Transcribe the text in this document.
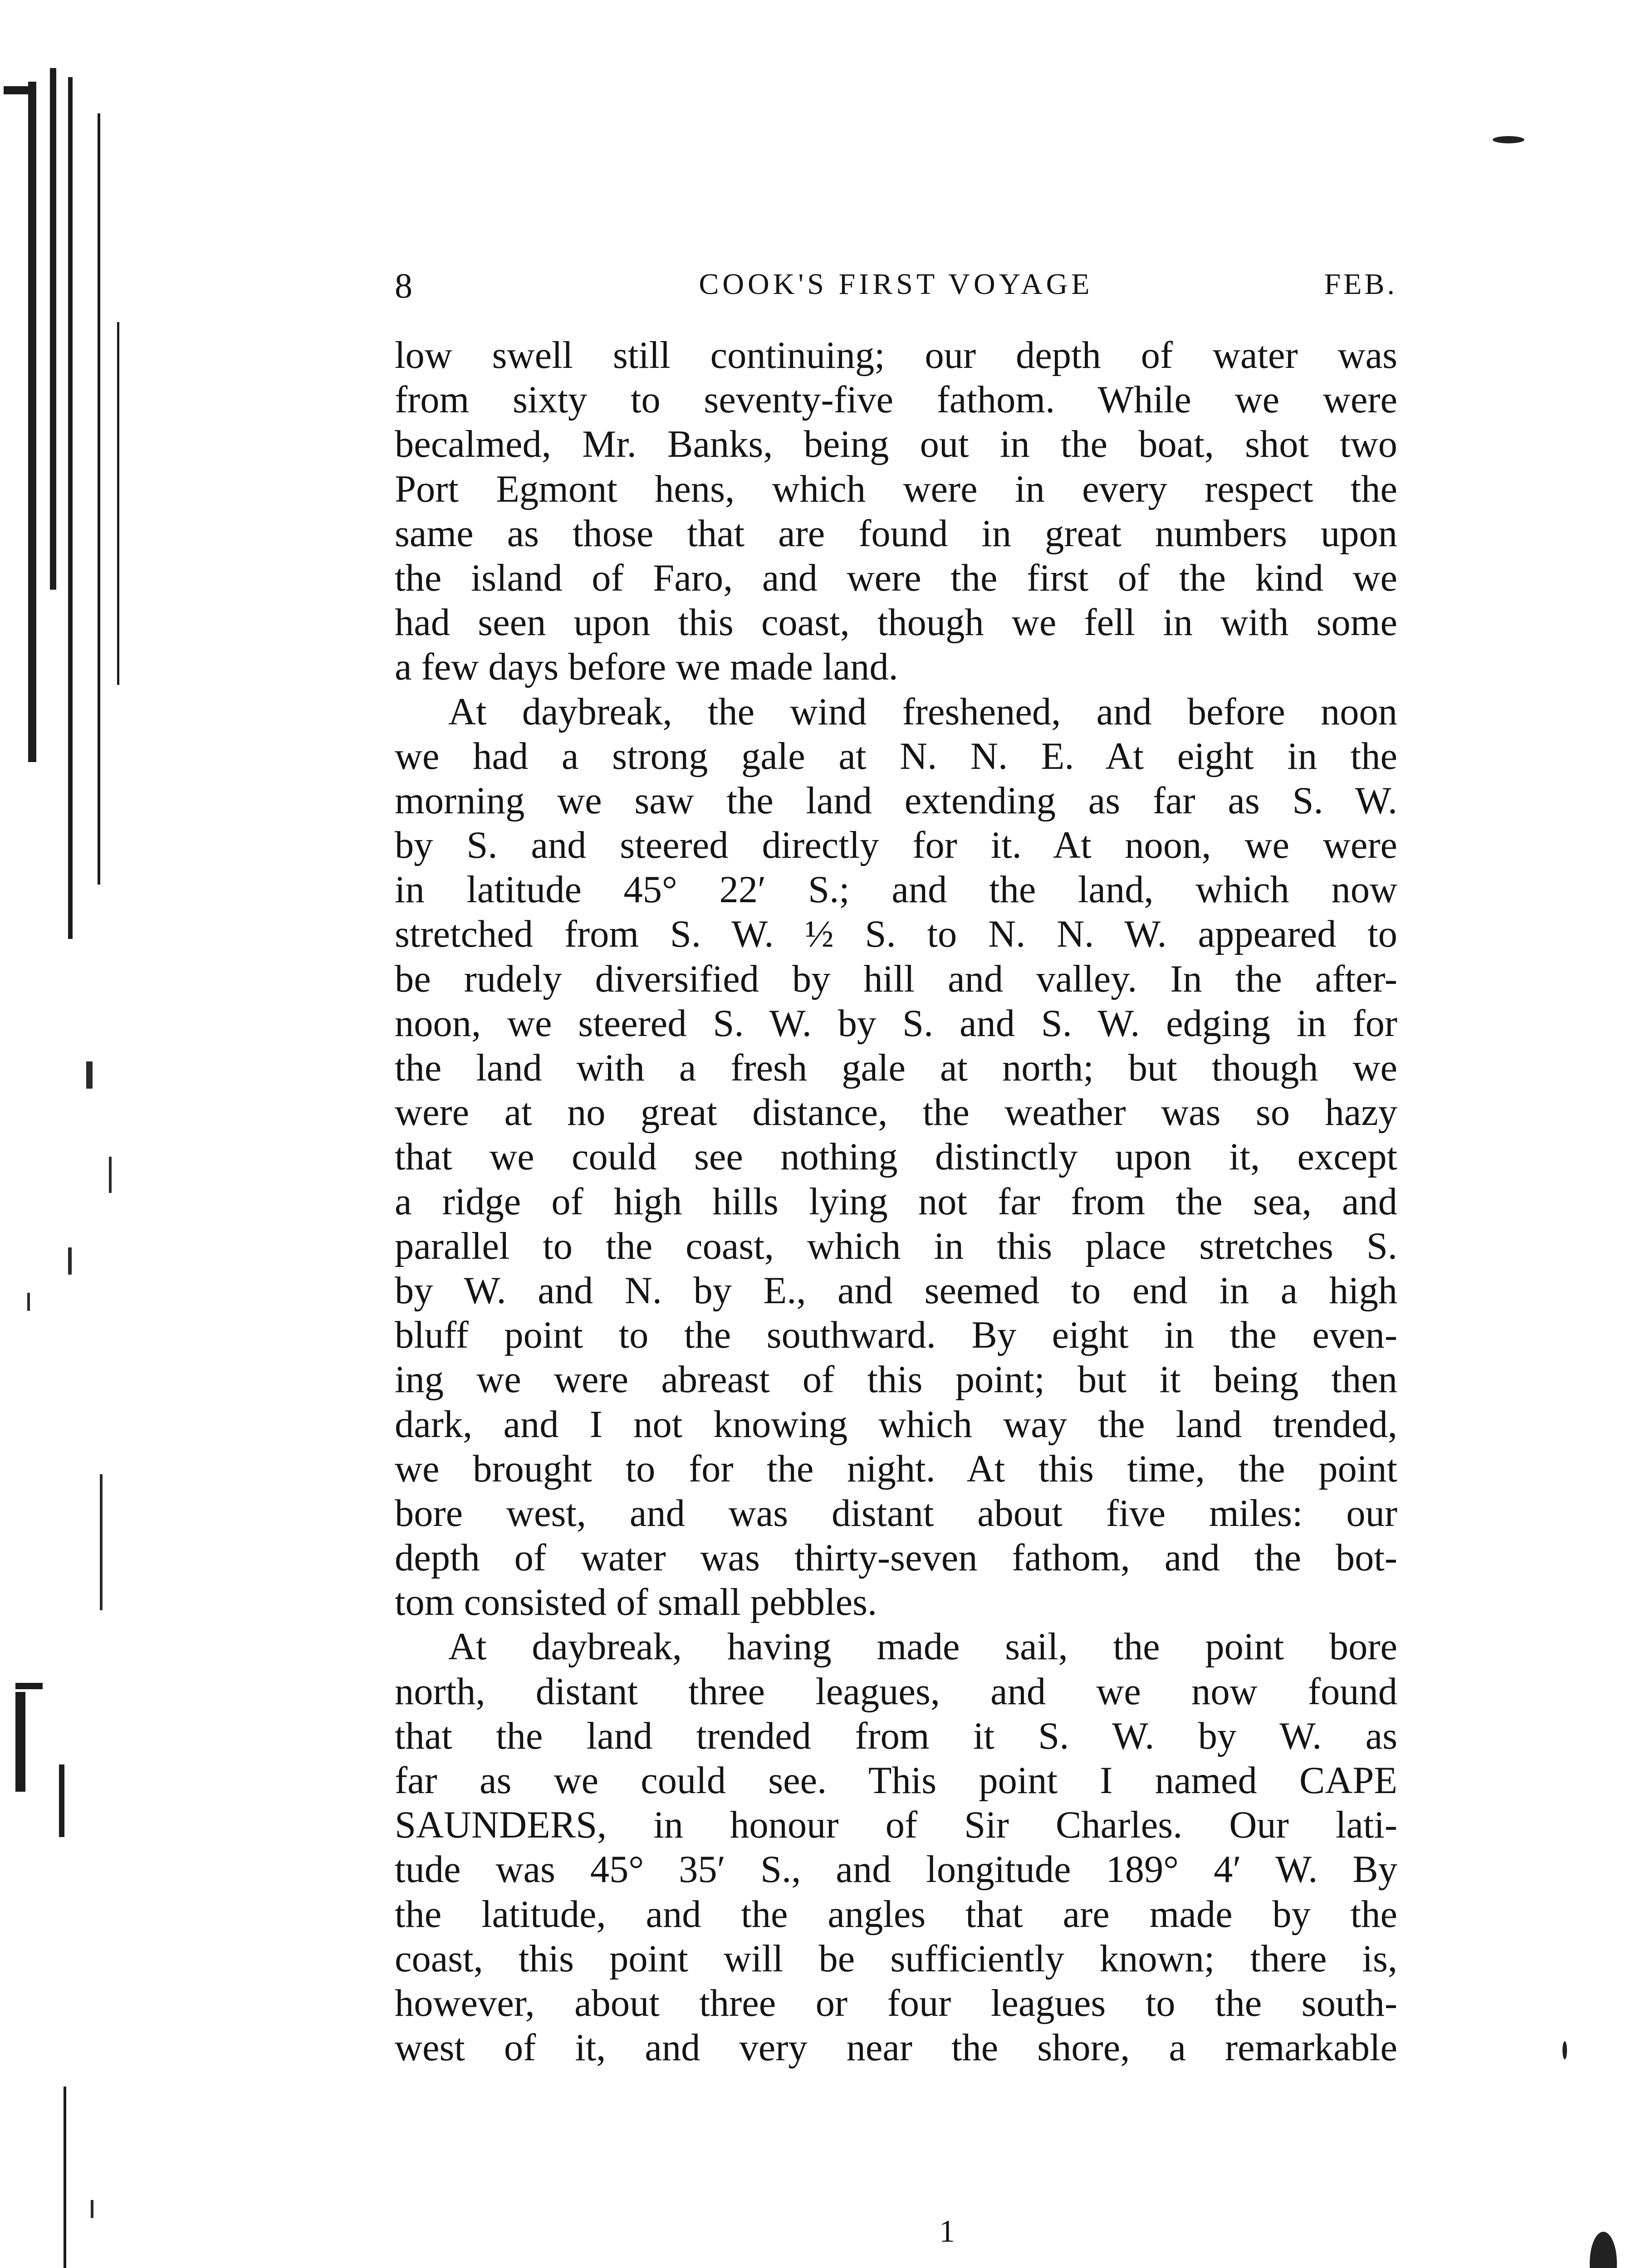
8	COOK'S FIRST VOYAGE	FEB.
low swell still continuing; our depth of water was
from sixty to seventy-five fathom. While we were
becalmed, Mr. Banks, being out in the boat, shot two
Port Egmont hens, which were in every respect the
same as those that are found in great numbers upon
the island of Faro, and were the first of the kind we
had seen upon this coast, though we fell in with some
a few days before we made land.
At daybreak, the wind freshened, and before noon
we had a strong gale at N. N. E. At eight in the
morning we saw the land extending as far as S. W.
by S. and steered directly for it. At noon, we were
in latitude 45° 22′ S.; and the land, which now
stretched from S. W. ½ S. to N. N. W. appeared to
be rudely diversified by hill and valley. In the after-
noon, we steered S. W. by S. and S. W. edging in for
the land with a fresh gale at north; but though we
were at no great distance, the weather was so hazy
that we could see nothing distinctly upon it, except
a ridge of high hills lying not far from the sea, and
parallel to the coast, which in this place stretches S.
by W. and N. by E., and seemed to end in a high
bluff point to the southward. By eight in the even-
ing we were abreast of this point; but it being then
dark, and I not knowing which way the land trended,
we brought to for the night. At this time, the point
bore west, and was distant about five miles: our
depth of water was thirty-seven fathom, and the bot-
tom consisted of small pebbles.
At daybreak, having made sail, the point bore
north, distant three leagues, and we now found
that the land trended from it S. W. by W. as
far as we could see. This point I named CAPE
SAUNDERS, in honour of Sir Charles. Our lati-
tude was 45° 35′ S., and longitude 189° 4′ W. By
the latitude, and the angles that are made by the
coast, this point will be sufficiently known; there is,
however, about three or four leagues to the south-
west of it, and very near the shore, a remarkable
1
